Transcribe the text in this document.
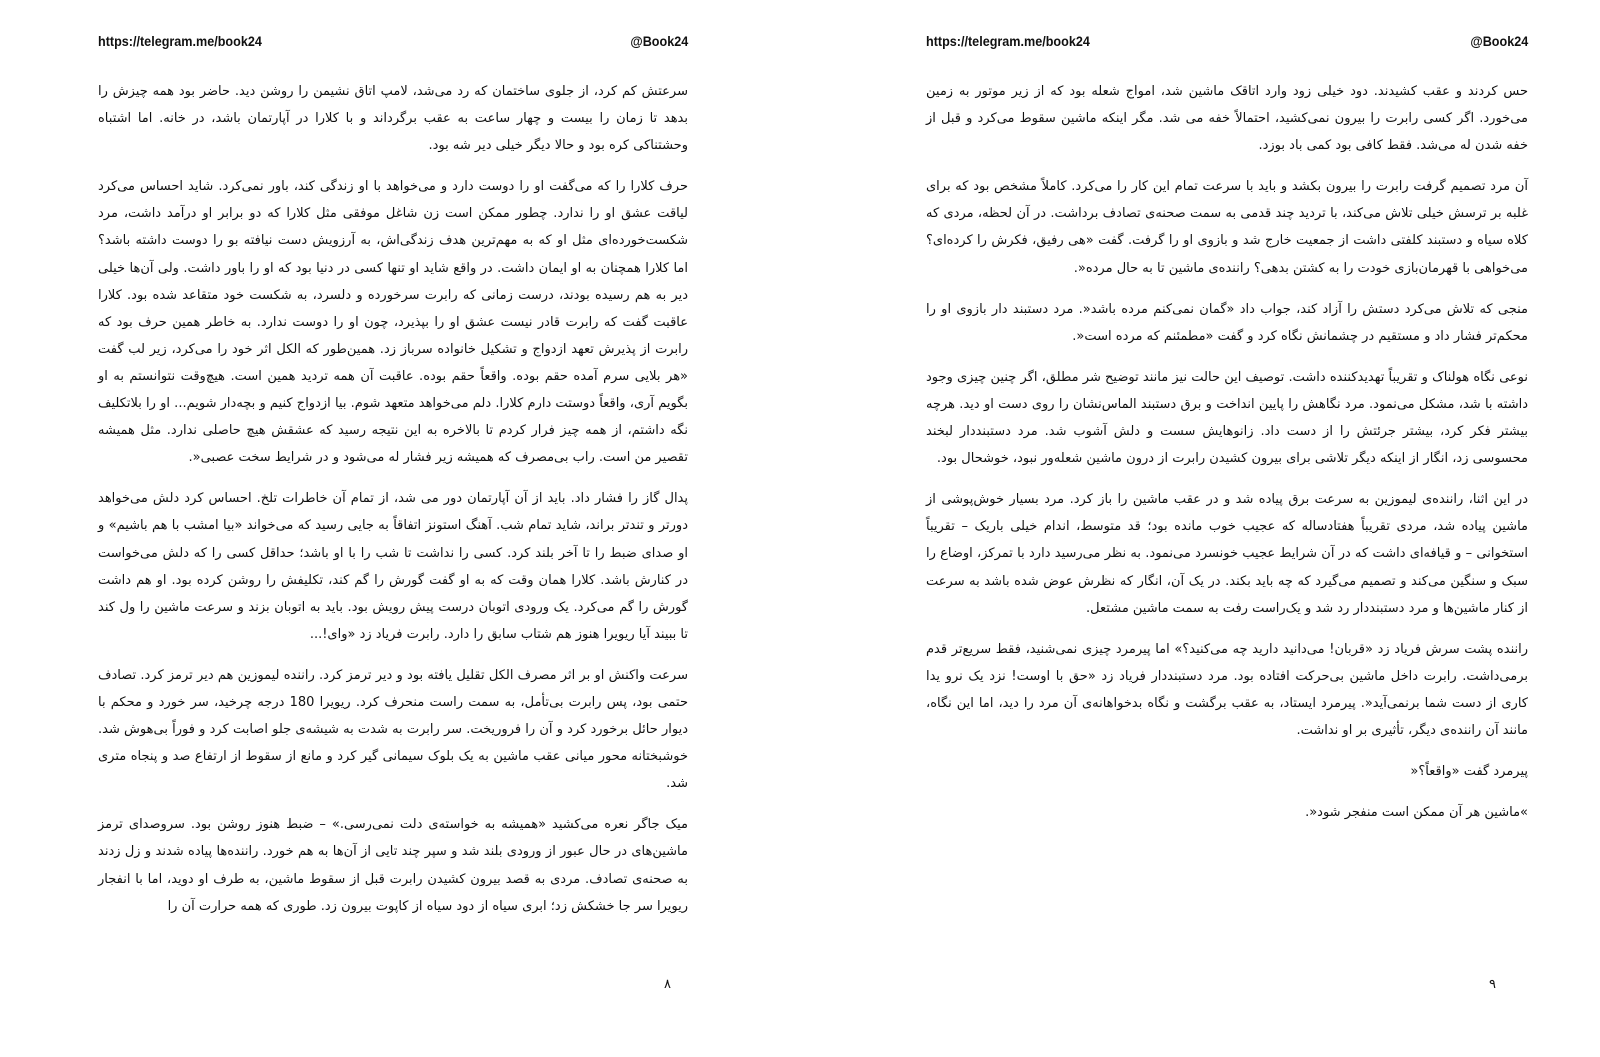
https://telegram.me/book24	@Book24

سرعتش کم کرد، از جلوی ساختمان که رد می‌شد، لامپ اتاق نشیمن را روشن دید. حاضر بود همه چیزش را بدهد تا زمان را بیست و چهار ساعت به عقب برگرداند و با کلارا در آپارتمان باشد، در خانه. اما اشتباه وحشتناکی کره بود و حالا دیگر خیلی دیر شه بود.

حرف کلارا را که می‌گفت او را دوست دارد و می‌خواهد با او زندگی کند، باور نمی‌کرد. شاید احساس می‌کرد لیاقت عشق او را ندارد. چطور ممکن است زن شاغل موفقی مثل کلارا که دو برابر او درآمد داشت، مرد شکست‌خورده‌ای مثل او که به مهم‌ترین هدف زندگی‌اش، به آرزویش دست نیافته بو را دوست داشته باشد؟ اما کلارا همچنان به او ایمان داشت. در واقع شاید او تنها کسی در دنیا بود که او را باور داشت. ولی آن‌ها خیلی دیر به هم رسیده بودند، درست زمانی که رابرت سرخورده و دلسرد، به شکست خود متقاعد شده بود. کلارا عاقبت گفت که رابرت قادر نیست عشق او را بپذیرد، چون او را دوست ندارد. به خاطر همین حرف بود که رابرت از پذیرش تعهد ازدواج و تشکیل خانواده سرباز زد. همین‌طور که الکل اثر خود را می‌کرد، زیر لب گفت «هر بلایی سرم آمده حقم بوده. واقعاً حقم بوده. عاقبت آن همه تردید همین است. هیچ‌وقت نتوانستم به او بگویم آری، واقعاً دوستت دارم کلارا. دلم می‌خواهد متعهد شوم. بیا ازدواج کنیم و بچه‌دار شویم... او را بلاتکلیف نگه داشتم، از همه چیز فرار کردم تا بالاخره به این نتیجه رسید که عشقش هیچ حاصلی ندارد. مثل همیشه تقصیر من است. راب بی‌مصرف که همیشه زیر فشار له می‌شود و در شرایط سخت عصبی«.

پدال گاز را فشار داد. باید از آن آپارتمان دور می شد، از تمام آن خاطرات تلخ. احساس کرد دلش می‌خواهد دورتر و تندتر براند، شاید تمام شب. آهنگ استونز اتفاقاً به جایی رسید که می‌خواند «بیا امشب با هم باشیم» و او صدای ضبط را تا آخر بلند کرد. کسی را نداشت تا شب را با او باشد؛ حداقل کسی را که دلش می‌خواست در کنارش باشد. کلارا همان وقت که به او گفت گورش را گم کند، تکلیفش را روشن کرده بود. او هم داشت گورش را گم می‌کرد. یک ورودی اتوبان درست پیش رویش بود. باید به اتوبان بزند و سرعت ماشین را ول کند تا ببیند آیا ریویرا هنوز هم شتاب سابق را دارد. رابرت فریاد زد «وای!...

سرعت واکنش او بر اثر مصرف الکل تقلیل یافته بود و دیر ترمز کرد. راننده لیموزین هم دیر ترمز کرد. تصادف حتمی بود، پس رابرت بی‌تأمل، به سمت راست منحرف کرد. ریویرا 180 درجه چرخید، سر خورد و محکم با دیوار حائل برخورد کرد و آن را فروریخت. سر رابرت به شدت به شیشه‌ی جلو اصابت کرد و فوراً بی‌هوش شد. خوشبختانه محور میانی عقب ماشین به یک بلوک سیمانی گیر کرد و مانع از سقوط از ارتفاع صد و پنجاه متری شد.

میک جاگر نعره می‌کشید «همیشه به خواسته‌ی دلت نمی‌رسی.» – ضبط هنوز روشن بود. سروصدای ترمز ماشین‌های در حال عبور از ورودی بلند شد و سپر چند تایی از آن‌ها به هم خورد. راننده‌ها پیاده شدند و زل زدند به صحنه‌ی تصادف. مردی به قصد بیرون کشیدن رابرت قبل از سقوط ماشین، به طرف او دوید، اما با انفجار ریویرا سر جا خشکش زد؛ ابری سیاه از دود سیاه از کاپوت بیرون زد. طوری که همه حرارت آن را

۸
https://telegram.me/book24	@Book24

حس کردند و عقب کشیدند. دود خیلی زود وارد اتاقک ماشین شد، امواج شعله بود که از زیر موتور به زمین می‌خورد. اگر کسی رابرت را بیرون نمی‌کشید، احتمالاً خفه می شد. مگر اینکه ماشین سقوط می‌کرد و قبل از خفه شدن له می‌شد. فقط کافی بود کمی باد بوزد.

آن مرد تصمیم گرفت رابرت را بیرون بکشد و باید با سرعت تمام این کار را می‌کرد. کاملاً مشخص بود که برای غلبه بر ترسش خیلی تلاش می‌کند، با تردید چند قدمی به سمت صحنه‌ی تصادف برداشت. در آن لحظه، مردی که کلاه سیاه و دستبند کلفتی داشت از جمعیت خارج شد و بازوی او را گرفت. گفت «هی رفیق، فکرش را کرده‌ای؟ می‌خواهی با قهرمان‌بازی خودت را به کشتن بدهی؟ راننده‌ی ماشین تا به حال مرده«.

منجی که تلاش می‌کرد دستش را آزاد کند، جواب داد «گمان نمی‌کنم مرده باشد«. مرد دستبند دار بازوی او را محکم‌تر فشار داد و مستقیم در چشمانش نگاه کرد و گفت «مطمئنم که مرده است«.

نوعی نگاه هولناک و تقریباً تهدیدکننده داشت. توصیف این حالت نیز مانند توضیح شر مطلق، اگر چنین چیزی وجود داشته با شد، مشکل می‌نمود. مرد نگاهش را پایین انداخت و برق دستبند الماس‌نشان را روی دست او دید. هرچه بیشتر فکر کرد، بیشتر جرئتش را از دست داد. زانوهایش سست و دلش آشوب شد. مرد دستبنددار لبخند محسوسی زد، انگار از اینکه دیگر تلاشی برای بیرون کشیدن رابرت از درون ماشین شعله‌ور نبود، خوشحال بود.

در این اثنا، راننده‌ی لیموزین به سرعت برق پیاده شد و در عقب ماشین را باز کرد. مرد بسیار خوش‌پوشی از ماشین پیاده شد، مردی تقریباً هفتادساله که عجیب خوب مانده بود؛ قد متوسط، اندام خیلی باریک – تقریباً استخوانی – و قیافه‌ای داشت که در آن شرایط عجیب خونسرد می‌نمود. به نظر می‌رسید دارد با تمرکز، اوضاع را سبک و سنگین می‌کند و تصمیم می‌گیرد که چه باید بکند. در یک آن، انگار که نظرش عوض شده باشد به سرعت از کنار ماشین‌ها و مرد دستبنددار رد شد و یک‌راست رفت به سمت ماشین مشتعل.

راننده پشت سرش فریاد زد «قربان! می‌دانید دارید چه می‌کنید؟» اما پیرمرد چیزی نمی‌شنید، فقط سریع‌تر قدم برمی‌داشت. رابرت داخل ماشین بی‌حرکت افتاده بود. مرد دستبنددار فریاد زد «حق با اوست! نزد یک نرو یدا کاری از دست شما برنمی‌آید«. پیرمرد ایستاد، به عقب برگشت و نگاه بدخواهانه‌ی آن مرد را دید، اما این نگاه، مانند آن راننده‌ی دیگر، تأثیری بر او نداشت.

پیرمرد گفت «واقعاً؟«

»ماشین هر آن ممکن است منفجر شود«.

۹
